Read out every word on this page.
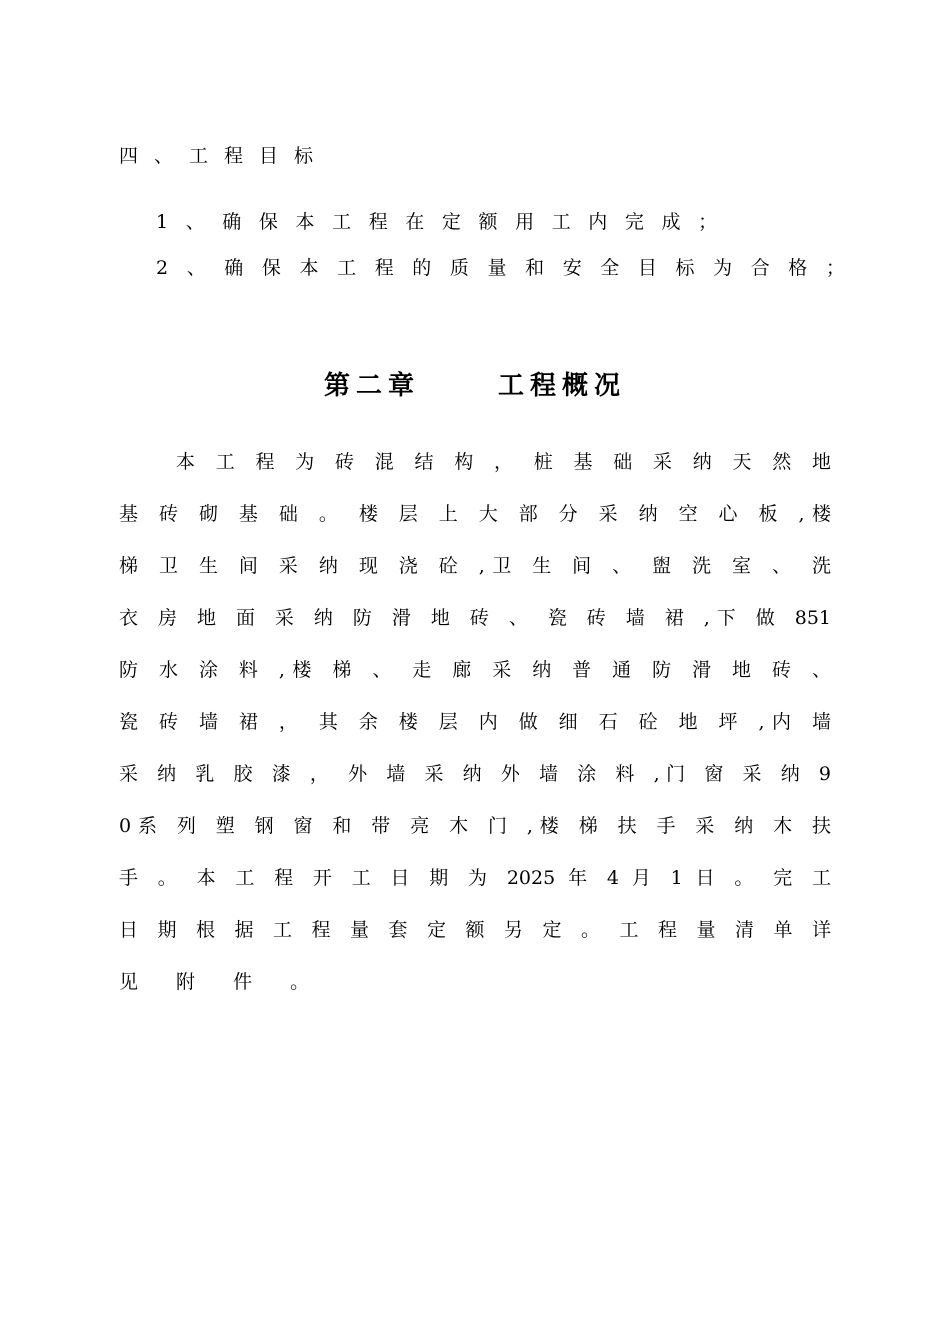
四、工程目标
1、确保本工程在定额用工内完成；
2、确保本工程的质量和安全目标为合格；
第二章	工程概况
本 工 程 为 砖 混 结 构 ， 桩 基 础 采 纳 天 然 地
基 砖 砌 基 础 。 楼 层 上 大 部 分 采 纳 空 心 板 ,楼
梯 卫 生 间 采 纳 现 浇 砼 ,卫 生 间 、 盥 洗 室 、 洗
衣 房 地 面 采 纳 防 滑 地 砖 、 瓷 砖 墙 裙 ,下 做 851
防 水 涂 料 ,楼 梯 、 走 廊 采 纳 普 通 防 滑 地 砖 、
瓷 砖 墙 裙 ， 其 余 楼 层 内 做 细 石 砼 地 坪 ,内 墙
采 纳 乳 胶 漆 ， 外 墙 采 纳 外 墙 涂 料 ,门 窗 采 纳 9
0系 列 塑 钢 窗 和 带 亮 木 门 ,楼 梯 扶 手 采 纳 木 扶
手 。 本 工 程 开 工 日 期 为 2025 年 4 月 1 日 。 完 工
日 期 根 据 工 程 量 套 定 额 另 定 。 工 程 量 清 单 详
见 附 件 。
